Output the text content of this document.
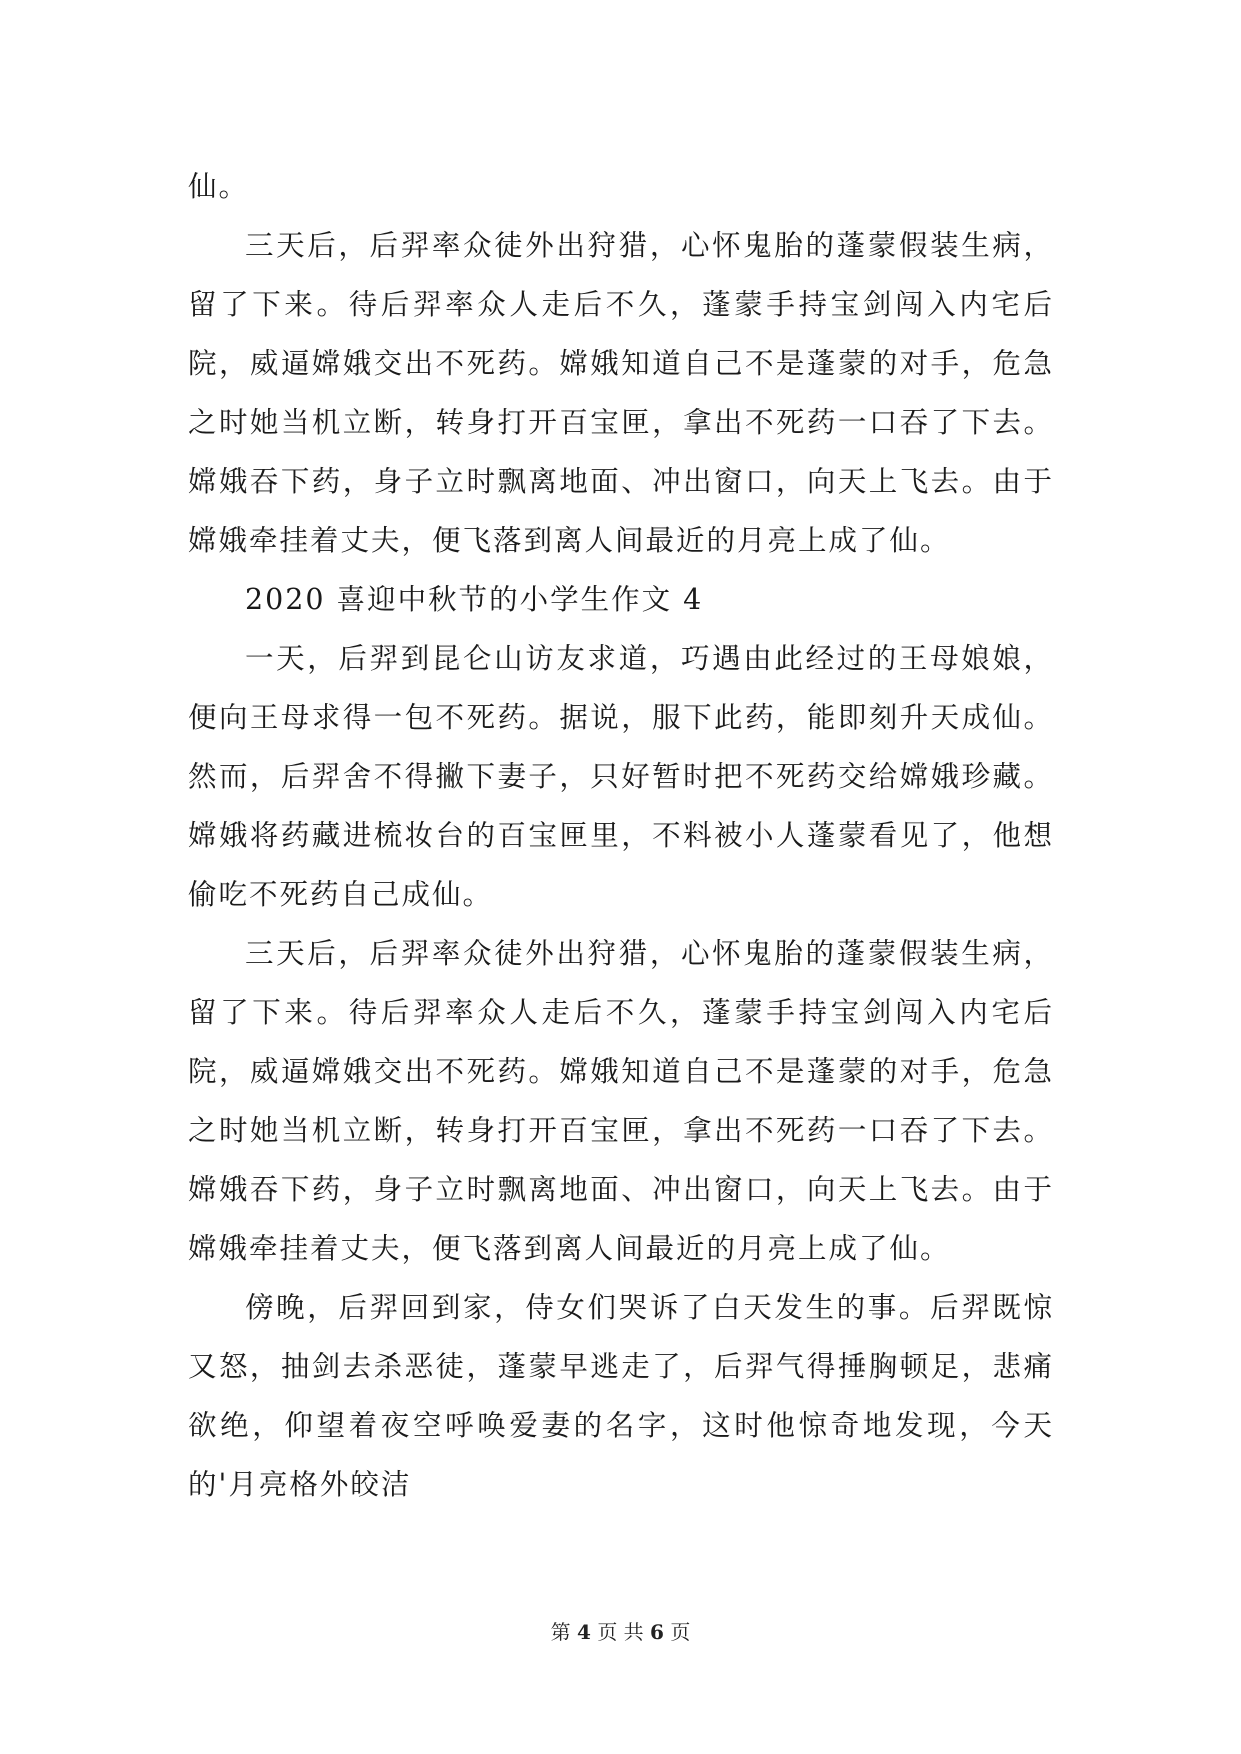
仙。

三天后，后羿率众徒外出狩猎，心怀鬼胎的蓬蒙假装生病，留了下来。待后羿率众人走后不久，蓬蒙手持宝剑闯入内宅后院，威逼嫦娥交出不死药。嫦娥知道自己不是蓬蒙的对手，危急之时她当机立断，转身打开百宝匣，拿出不死药一口吞了下去。嫦娥吞下药，身子立时飘离地面、冲出窗口，向天上飞去。由于嫦娥牵挂着丈夫，便飞落到离人间最近的月亮上成了仙。

2020 喜迎中秋节的小学生作文 4

一天，后羿到昆仑山访友求道，巧遇由此经过的王母娘娘，便向王母求得一包不死药。据说，服下此药，能即刻升天成仙。然而，后羿舍不得撇下妻子，只好暂时把不死药交给嫦娥珍藏。嫦娥将药藏进梳妆台的百宝匣里，不料被小人蓬蒙看见了，他想偷吃不死药自己成仙。

三天后，后羿率众徒外出狩猎，心怀鬼胎的蓬蒙假装生病，留了下来。待后羿率众人走后不久，蓬蒙手持宝剑闯入内宅后院，威逼嫦娥交出不死药。嫦娥知道自己不是蓬蒙的对手，危急之时她当机立断，转身打开百宝匣，拿出不死药一口吞了下去。嫦娥吞下药，身子立时飘离地面、冲出窗口，向天上飞去。由于嫦娥牵挂着丈夫，便飞落到离人间最近的月亮上成了仙。

傍晚，后羿回到家，侍女们哭诉了白天发生的事。后羿既惊又怒，抽剑去杀恶徒，蓬蒙早逃走了，后羿气得捶胸顿足，悲痛欲绝，仰望着夜空呼唤爱妻的名字，这时他惊奇地发现，今天的'月亮格外皎洁

第 4 页 共 6 页
